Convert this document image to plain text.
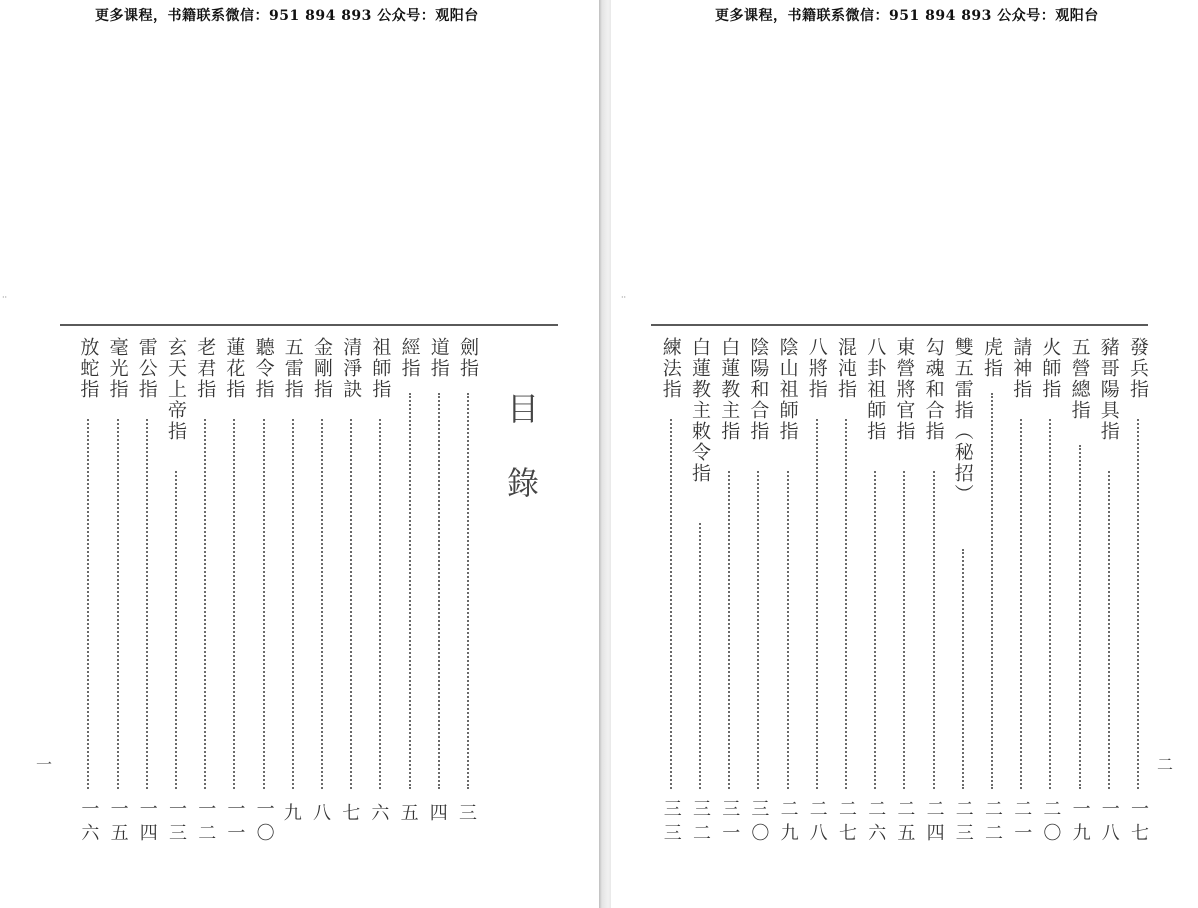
更多课程，书籍联系微信：951 894 893 公众号：观阳台
目
錄
劍指
三
道指
四
經指
五
祖師指
六
清淨訣
七
金剛指
八
五雷指
九
聽令指
一〇
蓮花指
一一
老君指
一二
玄天上帝指
一三
雷公指
一四
毫光指
一五
放蛇指
一六
一
··
更多课程，书籍联系微信：951 894 893 公众号：观阳台
發兵指
一七
豬哥陽具指
一八
五營總指
一九
火師指
二〇
請神指
二一
虎指
二二
雙五雷指（秘招）
二三
勾魂和合指
二四
東營將官指
二五
八卦祖師指
二六
混沌指
二七
八將指
二八
陰山祖師指
二九
陰陽和合指
三〇
白蓮教主指
三一
白蓮教主敕令指
三二
練法指
三三
二
··
